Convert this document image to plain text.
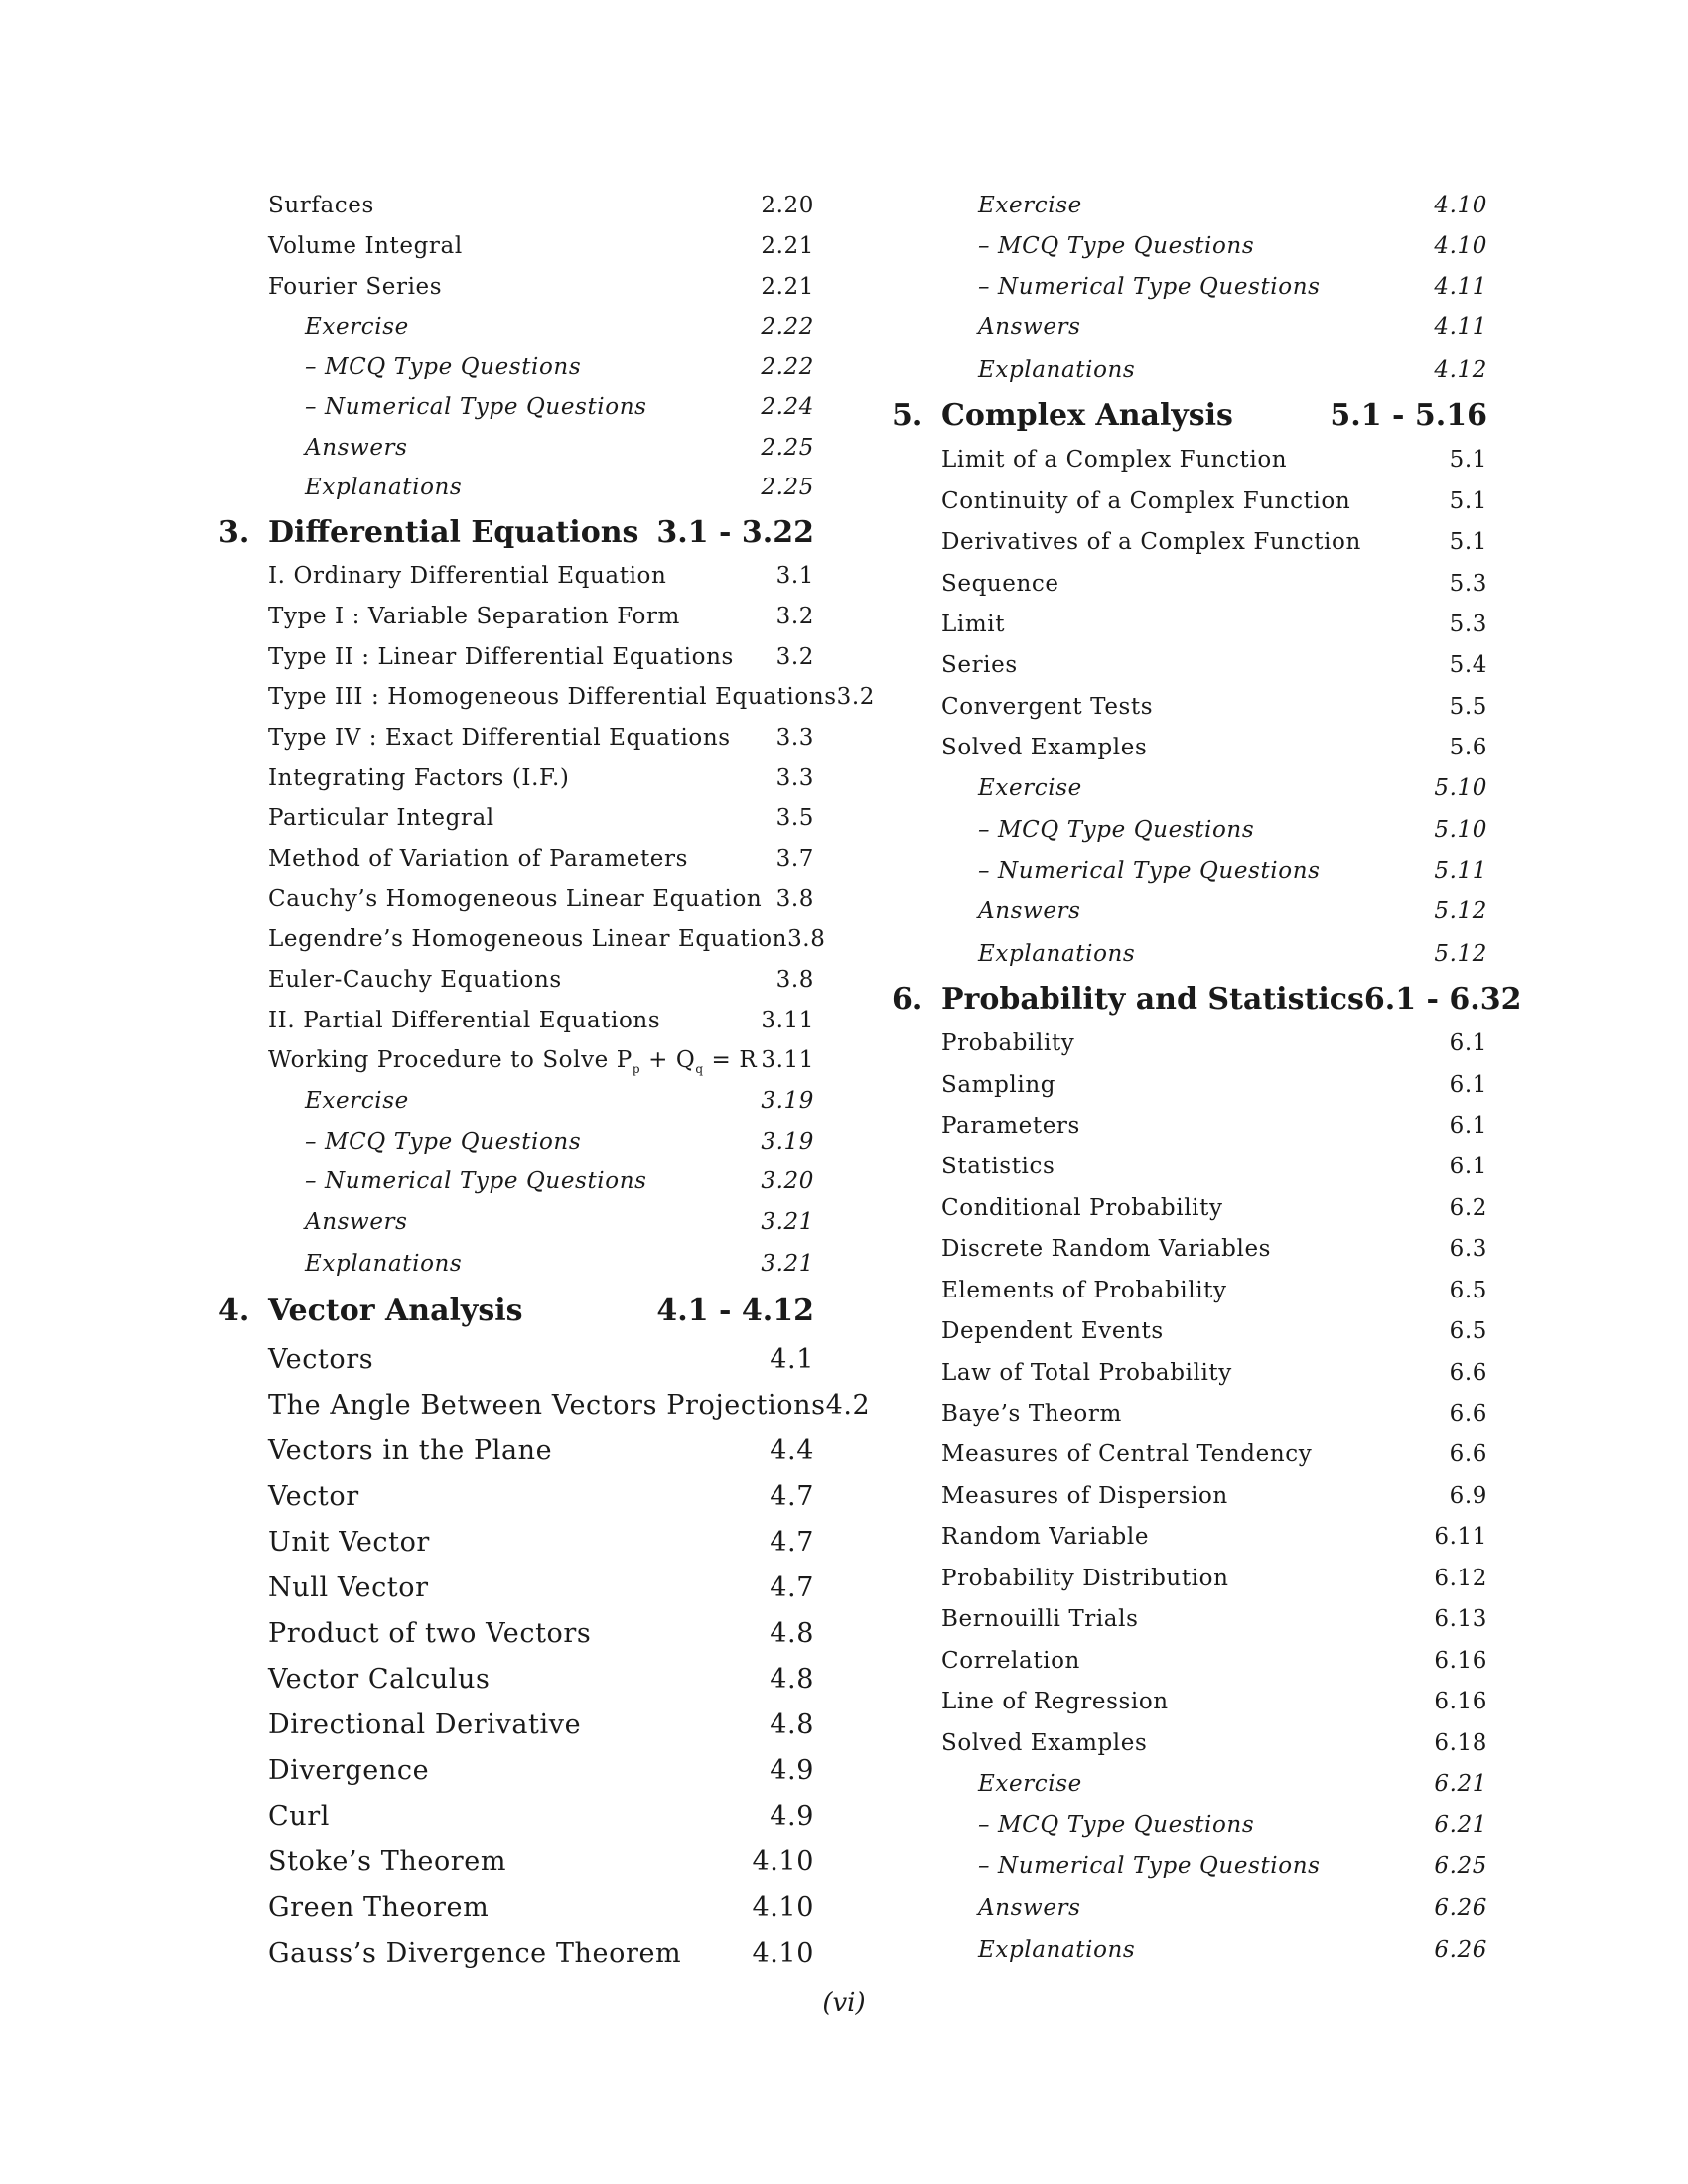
Surfaces	2.20
Volume Integral	2.21
Fourier Series	2.21
Exercise	2.22
– MCQ Type Questions	2.22
– Numerical Type Questions	2.24
Answers	2.25
Explanations	2.25
3. Differential Equations 3.1 - 3.22
I. Ordinary Differential Equation	3.1
Type I : Variable Separation Form	3.2
Type II : Linear Differential Equations 3.2
Type III : Homogeneous Differential Equations 3.2
Type IV : Exact Differential Equations 3.3
Integrating Factors (I.F.)	3.3
Particular Integral	3.5
Method of Variation of Parameters	3.7
Cauchy’s Homogeneous Linear Equation 3.8
Legendre’s Homogeneous Linear Equation 3.8
Euler-Cauchy Equations	3.8
II. Partial Differential Equations	3.11
Working Procedure to Solve $P_p + Q_q = R$ 3.11
Exercise	3.19
– MCQ Type Questions	3.19
– Numerical Type Questions	3.20
Answers	3.21
Explanations	3.21
4. Vector Analysis	4.1 - 4.12
Vectors	4.1
The Angle Between Vectors Projections 4.2
Vectors in the Plane	4.4
Vector	4.7
Unit Vector	4.7
Null Vector	4.7
Product of two Vectors	4.8
Vector Calculus	4.8
Directional Derivative	4.8
Divergence	4.9
Curl	4.9
Stoke’s Theorem	4.10
Green Theorem	4.10
Gauss’s Divergence Theorem	4.10
Exercise	4.10
– MCQ Type Questions	4.10
– Numerical Type Questions	4.11
Answers	4.11
Explanations	4.12
5. Complex Analysis	5.1 - 5.16
Limit of a Complex Function	5.1
Continuity of a Complex Function	5.1
Derivatives of a Complex Function	5.1
Sequence	5.3
Limit	5.3
Series	5.4
Convergent Tests	5.5
Solved Examples	5.6
Exercise	5.10
– MCQ Type Questions	5.10
– Numerical Type Questions	5.11
Answers	5.12
Explanations	5.12
6. Probability and Statistics 6.1 - 6.32
Probability	6.1
Sampling	6.1
Parameters	6.1
Statistics	6.1
Conditional Probability	6.2
Discrete Random Variables	6.3
Elements of Probability	6.5
Dependent Events	6.5
Law of Total Probability	6.6
Baye’s Theorm	6.6
Measures of Central Tendency	6.6
Measures of Dispersion	6.9
Random Variable	6.11
Probability Distribution	6.12
Bernouilli Trials	6.13
Correlation	6.16
Line of Regression	6.16
Solved Examples	6.18
Exercise	6.21
– MCQ Type Questions	6.21
– Numerical Type Questions	6.25
Answers	6.26
Explanations	6.26
(vi)
